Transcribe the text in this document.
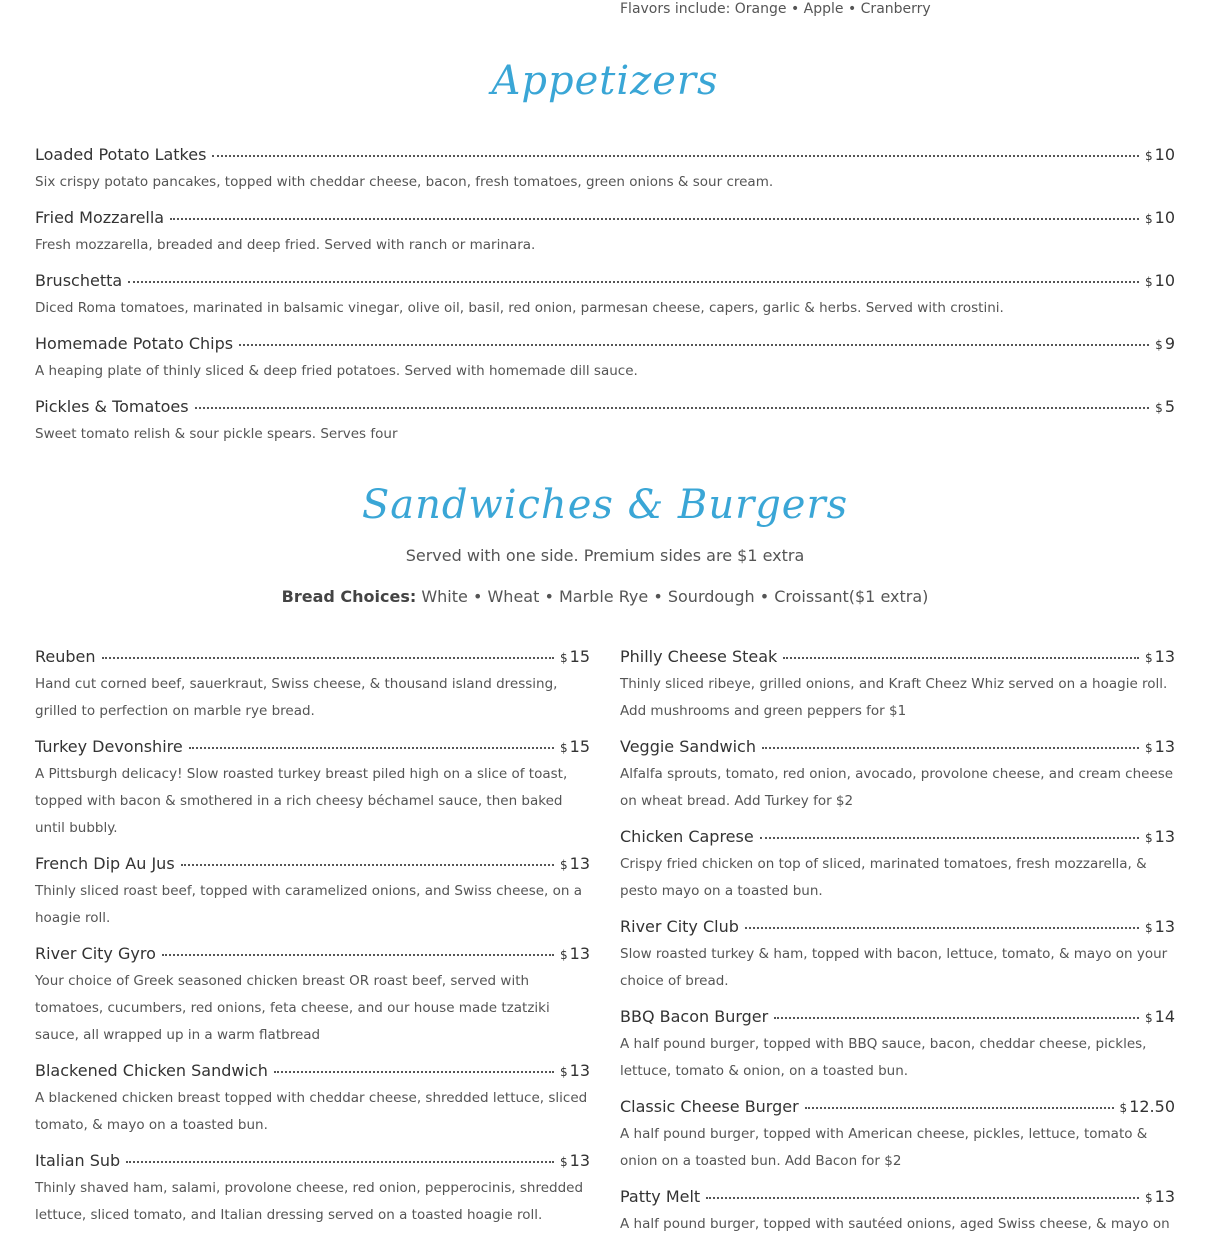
Flavors include: Orange • Apple • Cranberry
Appetizers
Loaded Potato Latkes	$ 10
Six crispy potato pancakes, topped with cheddar cheese, bacon, fresh tomatoes, green onions & sour cream.
Fried Mozzarella	$ 10
Fresh mozzarella, breaded and deep fried. Served with ranch or marinara.
Bruschetta	$ 10
Diced Roma tomatoes, marinated in balsamic vinegar, olive oil, basil, red onion, parmesan cheese, capers, garlic & herbs. Served with crostini.
Homemade Potato Chips	$ 9
A heaping plate of thinly sliced & deep fried potatoes. Served with homemade dill sauce.
Pickles & Tomatoes	$ 5
Sweet tomato relish & sour pickle spears. Serves four
Sandwiches & Burgers
Served with one side. Premium sides are $1 extra
Bread Choices: White • Wheat • Marble Rye • Sourdough • Croissant($1 extra)
Reuben	$ 15
Hand cut corned beef, sauerkraut, Swiss cheese, & thousand island dressing, grilled to perfection on marble rye bread.
Turkey Devonshire	$ 15
A Pittsburgh delicacy! Slow roasted turkey breast piled high on a slice of toast, topped with bacon & smothered in a rich cheesy béchamel sauce, then baked until bubbly.
French Dip Au Jus	$ 13
Thinly sliced roast beef, topped with caramelized onions, and Swiss cheese, on a hoagie roll.
River City Gyro	$ 13
Your choice of Greek seasoned chicken breast OR roast beef, served with tomatoes, cucumbers, red onions, feta cheese, and our house made tzatziki sauce, all wrapped up in a warm flatbread
Blackened Chicken Sandwich	$ 13
A blackened chicken breast topped with cheddar cheese, shredded lettuce, sliced tomato, & mayo on a toasted bun.
Italian Sub	$ 13
Thinly shaved ham, salami, provolone cheese, red onion, pepperocinis, shredded lettuce, sliced tomato, and Italian dressing served on a toasted hoagie roll.
Philly Cheese Steak	$ 13
Thinly sliced ribeye, grilled onions, and Kraft Cheez Whiz served on a hoagie roll. Add mushrooms and green peppers for $1
Veggie Sandwich	$ 13
Alfalfa sprouts, tomato, red onion, avocado, provolone cheese, and cream cheese on wheat bread. Add Turkey for $2
Chicken Caprese	$ 13
Crispy fried chicken on top of sliced, marinated tomatoes, fresh mozzarella, & pesto mayo on a toasted bun.
River City Club	$ 13
Slow roasted turkey & ham, topped with bacon, lettuce, tomato, & mayo on your choice of bread.
BBQ Bacon Burger	$ 14
A half pound burger, topped with BBQ sauce, bacon, cheddar cheese, pickles, lettuce, tomato & onion, on a toasted bun.
Classic Cheese Burger	$ 12.50
A half pound burger, topped with American cheese, pickles, lettuce, tomato & onion on a toasted bun. Add Bacon for $2
Patty Melt	$ 13
A half pound burger, topped with sautéed onions, aged Swiss cheese, & mayo on
